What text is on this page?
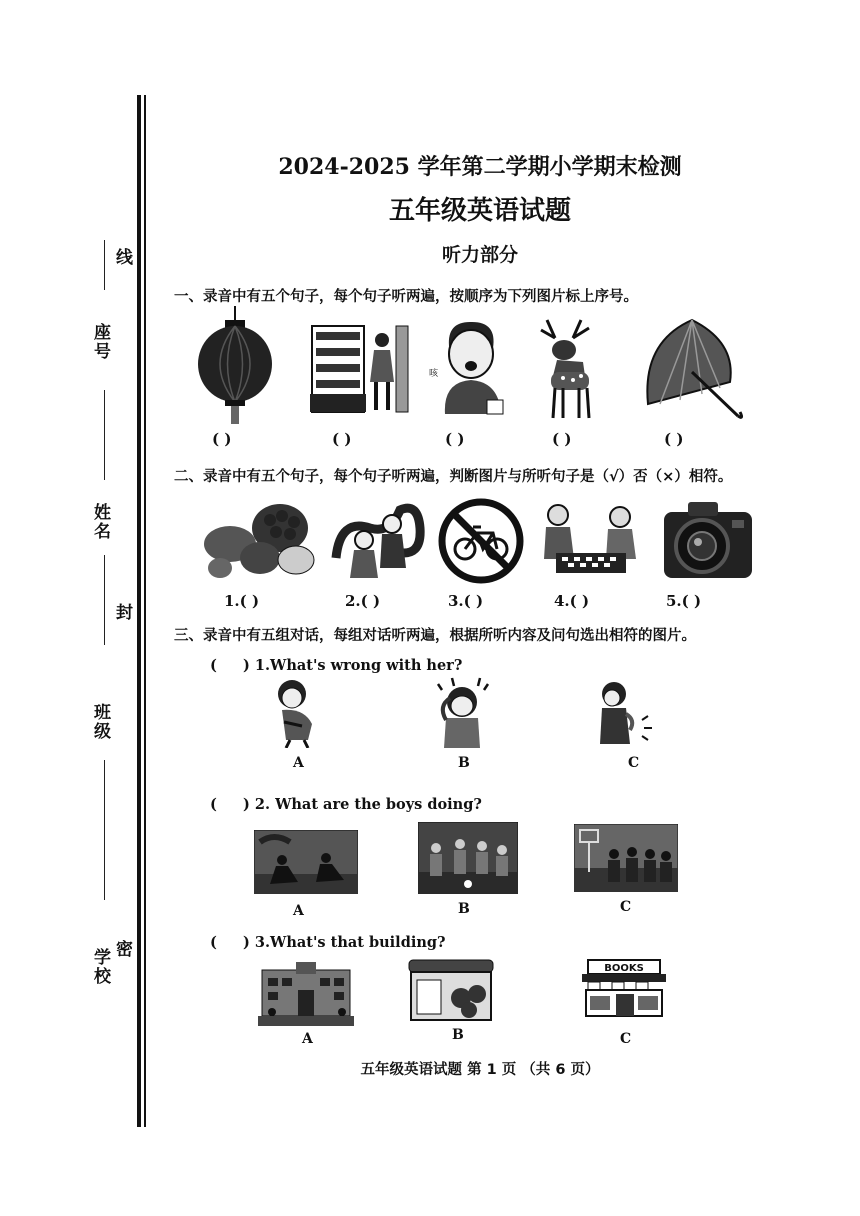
线
座号
姓名
封
班级
学校 密
2024-2025 学年第二学期小学期末检测
五年级英语试题
听力部分
一、录音中有五个句子，每个句子听两遍，按顺序为下列图片标上序号。
咳
( )	( )	( )	( )	( )
二、录音中有五个句子，每个句子听两遍，判断图片与所听句子是（√）否（×）相符。
1.( )	2.( )	3.( )	4.( )	5.( )
三、录音中有五组对话，每组对话听两遍，根据所听内容及问句选出相符的图片。
( ) 1.What's wrong with her?
A	B	C
( ) 2. What are the boys doing?
A	B	C
( ) 3.What's that building?
BOOKS
A	B	C
五年级英语试题 第 1 页 （共 6 页）
